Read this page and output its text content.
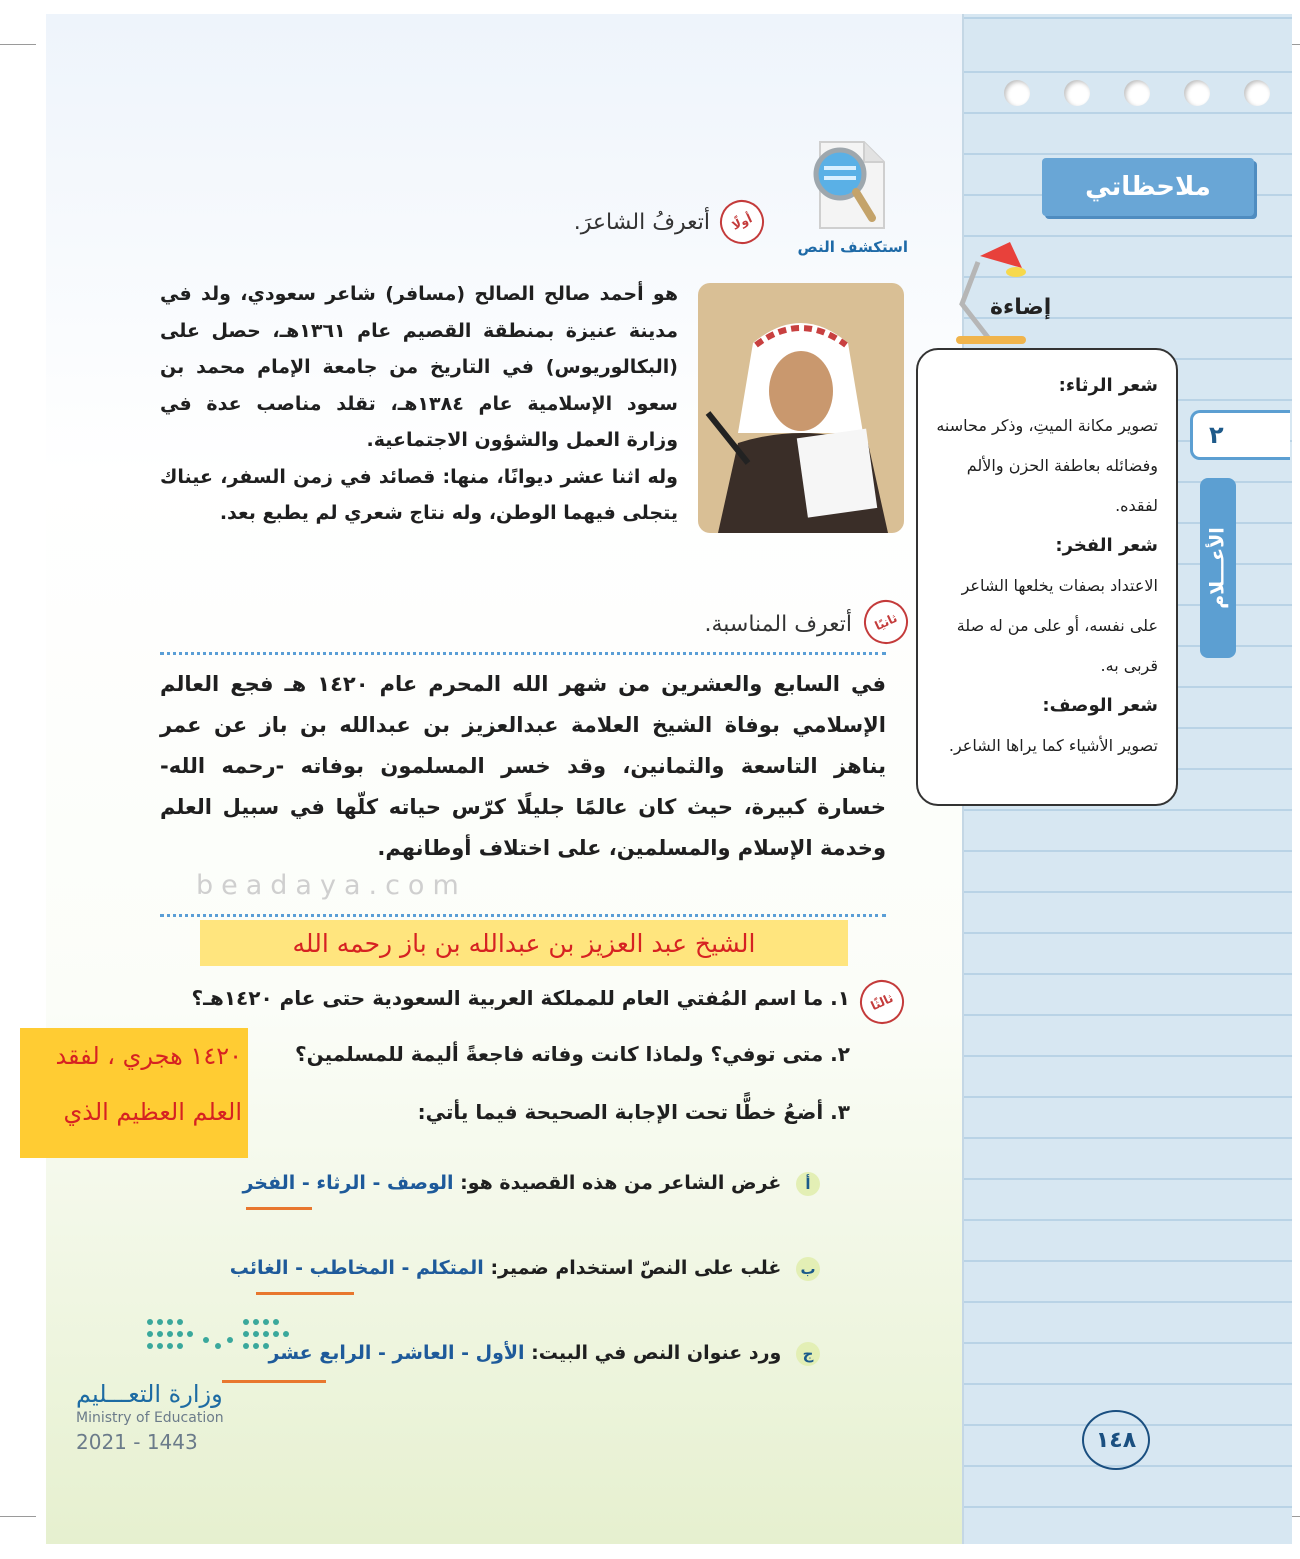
ملاحظاتي
إضاءة
شعر الرثاء:
تصوير مكانة الميتِ، وذكر محاسنه وفضائله بعاطفة الحزن والألم لفقده.
شعر الفخر:
الاعتداد بصفات يخلعها الشاعر على نفسه، أو على من له صلة قربى به.
شعر الوصف:
تصوير الأشياء كما يراها الشاعر.
٢
الأعـــلام
استكشف النص
أولًا
أتعرفُ الشاعرَ.
هو أحمد صالح الصالح (مسافر) شاعر سعودي، ولد في مدينة عنيزة بمنطقة القصيم عام ١٣٦١هـ، حصل على (البكالوريوس) في التاريخ من جامعة الإمام محمد بن سعود الإسلامية عام ١٣٨٤هـ، تقلد مناصب عدة في وزارة العمل والشؤون الاجتماعية.
وله اثنا عشر ديوانًا، منها: قصائد في زمن السفر، عيناك يتجلى فيهما الوطن، وله نتاج شعري لم يطبع بعد.
ثانيًا
أتعرف المناسبة.
في السابع والعشرين من شهر الله المحرم عام ١٤٢٠ هـ فجع العالم الإسلامي بوفاة الشيخ العلامة عبدالعزيز بن عبدالله بن باز عن عمر يناهز التاسعة والثمانين، وقد خسر المسلمون بوفاته -رحمه الله- خسارة كبيرة، حيث كان عالمًا جليلًا كرّس حياته كلّها في سبيل العلم وخدمة الإسلام والمسلمين، على اختلاف أوطانهم.
beadaya.com
الشيخ عبد العزيز بن عبدالله بن باز رحمه الله
ثالثًا
١. ما اسم المُفتي العام للمملكة العربية السعودية حتى عام ١٤٢٠هـ؟
٢. متى توفي؟ ولماذا كانت وفاته فاجعةً أليمة للمسلمين؟
٣. أضعُ خطًّا تحت الإجابة الصحيحة فيما يأتي:
١٤٢٠ هجري ، لفقد العلم العظيم الذي
أ غرض الشاعر من هذه القصيدة هو: الوصف - الرثاء - الفخر
ب غلب على النصّ استخدام ضمير: المتكلم - المخاطب - الغائب
ج ورد عنوان النص في البيت: الأول - العاشر - الرابع عشر
وزارة التعـــليم
Ministry of Education
2021 - 1443	١٤٨
